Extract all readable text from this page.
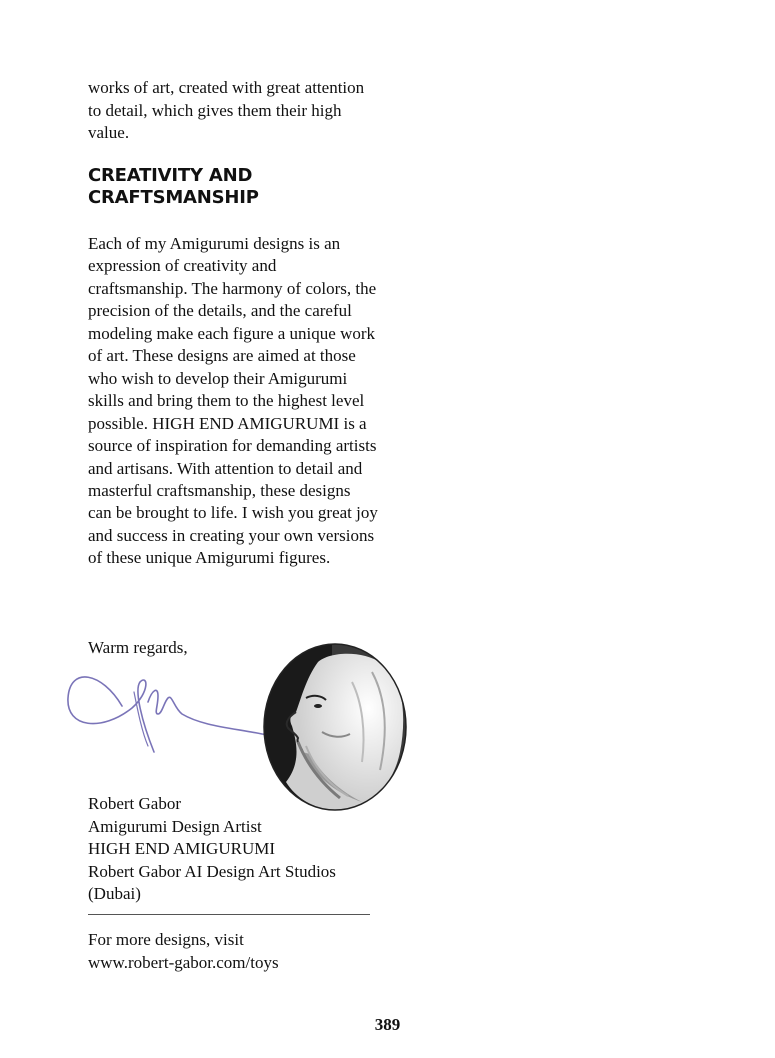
works of art, created with great attention to detail, which gives them their high value.

CREATIVITY AND CRAFTSMANSHIP

Each of my Amigurumi designs is an expression of creativity and craftsmanship. The harmony of colors, the precision of the details, and the careful modeling make each figure a unique work of art. These designs are aimed at those who wish to develop their Amigurumi skills and bring them to the highest level possible. HIGH END AMIGURUMI is a source of inspiration for demanding artists and artisans. With attention to detail and masterful craftsmanship, these designs can be brought to life. I wish you great joy and success in creating your own versions of these unique Amigurumi figures.

Warm regards,

Robert Gabor
Amigurumi Design Artist
HIGH END AMIGURUMI
Robert Gabor AI Design Art Studios
(Dubai)
For more designs, visit
www.robert-gabor.com/toys
389
